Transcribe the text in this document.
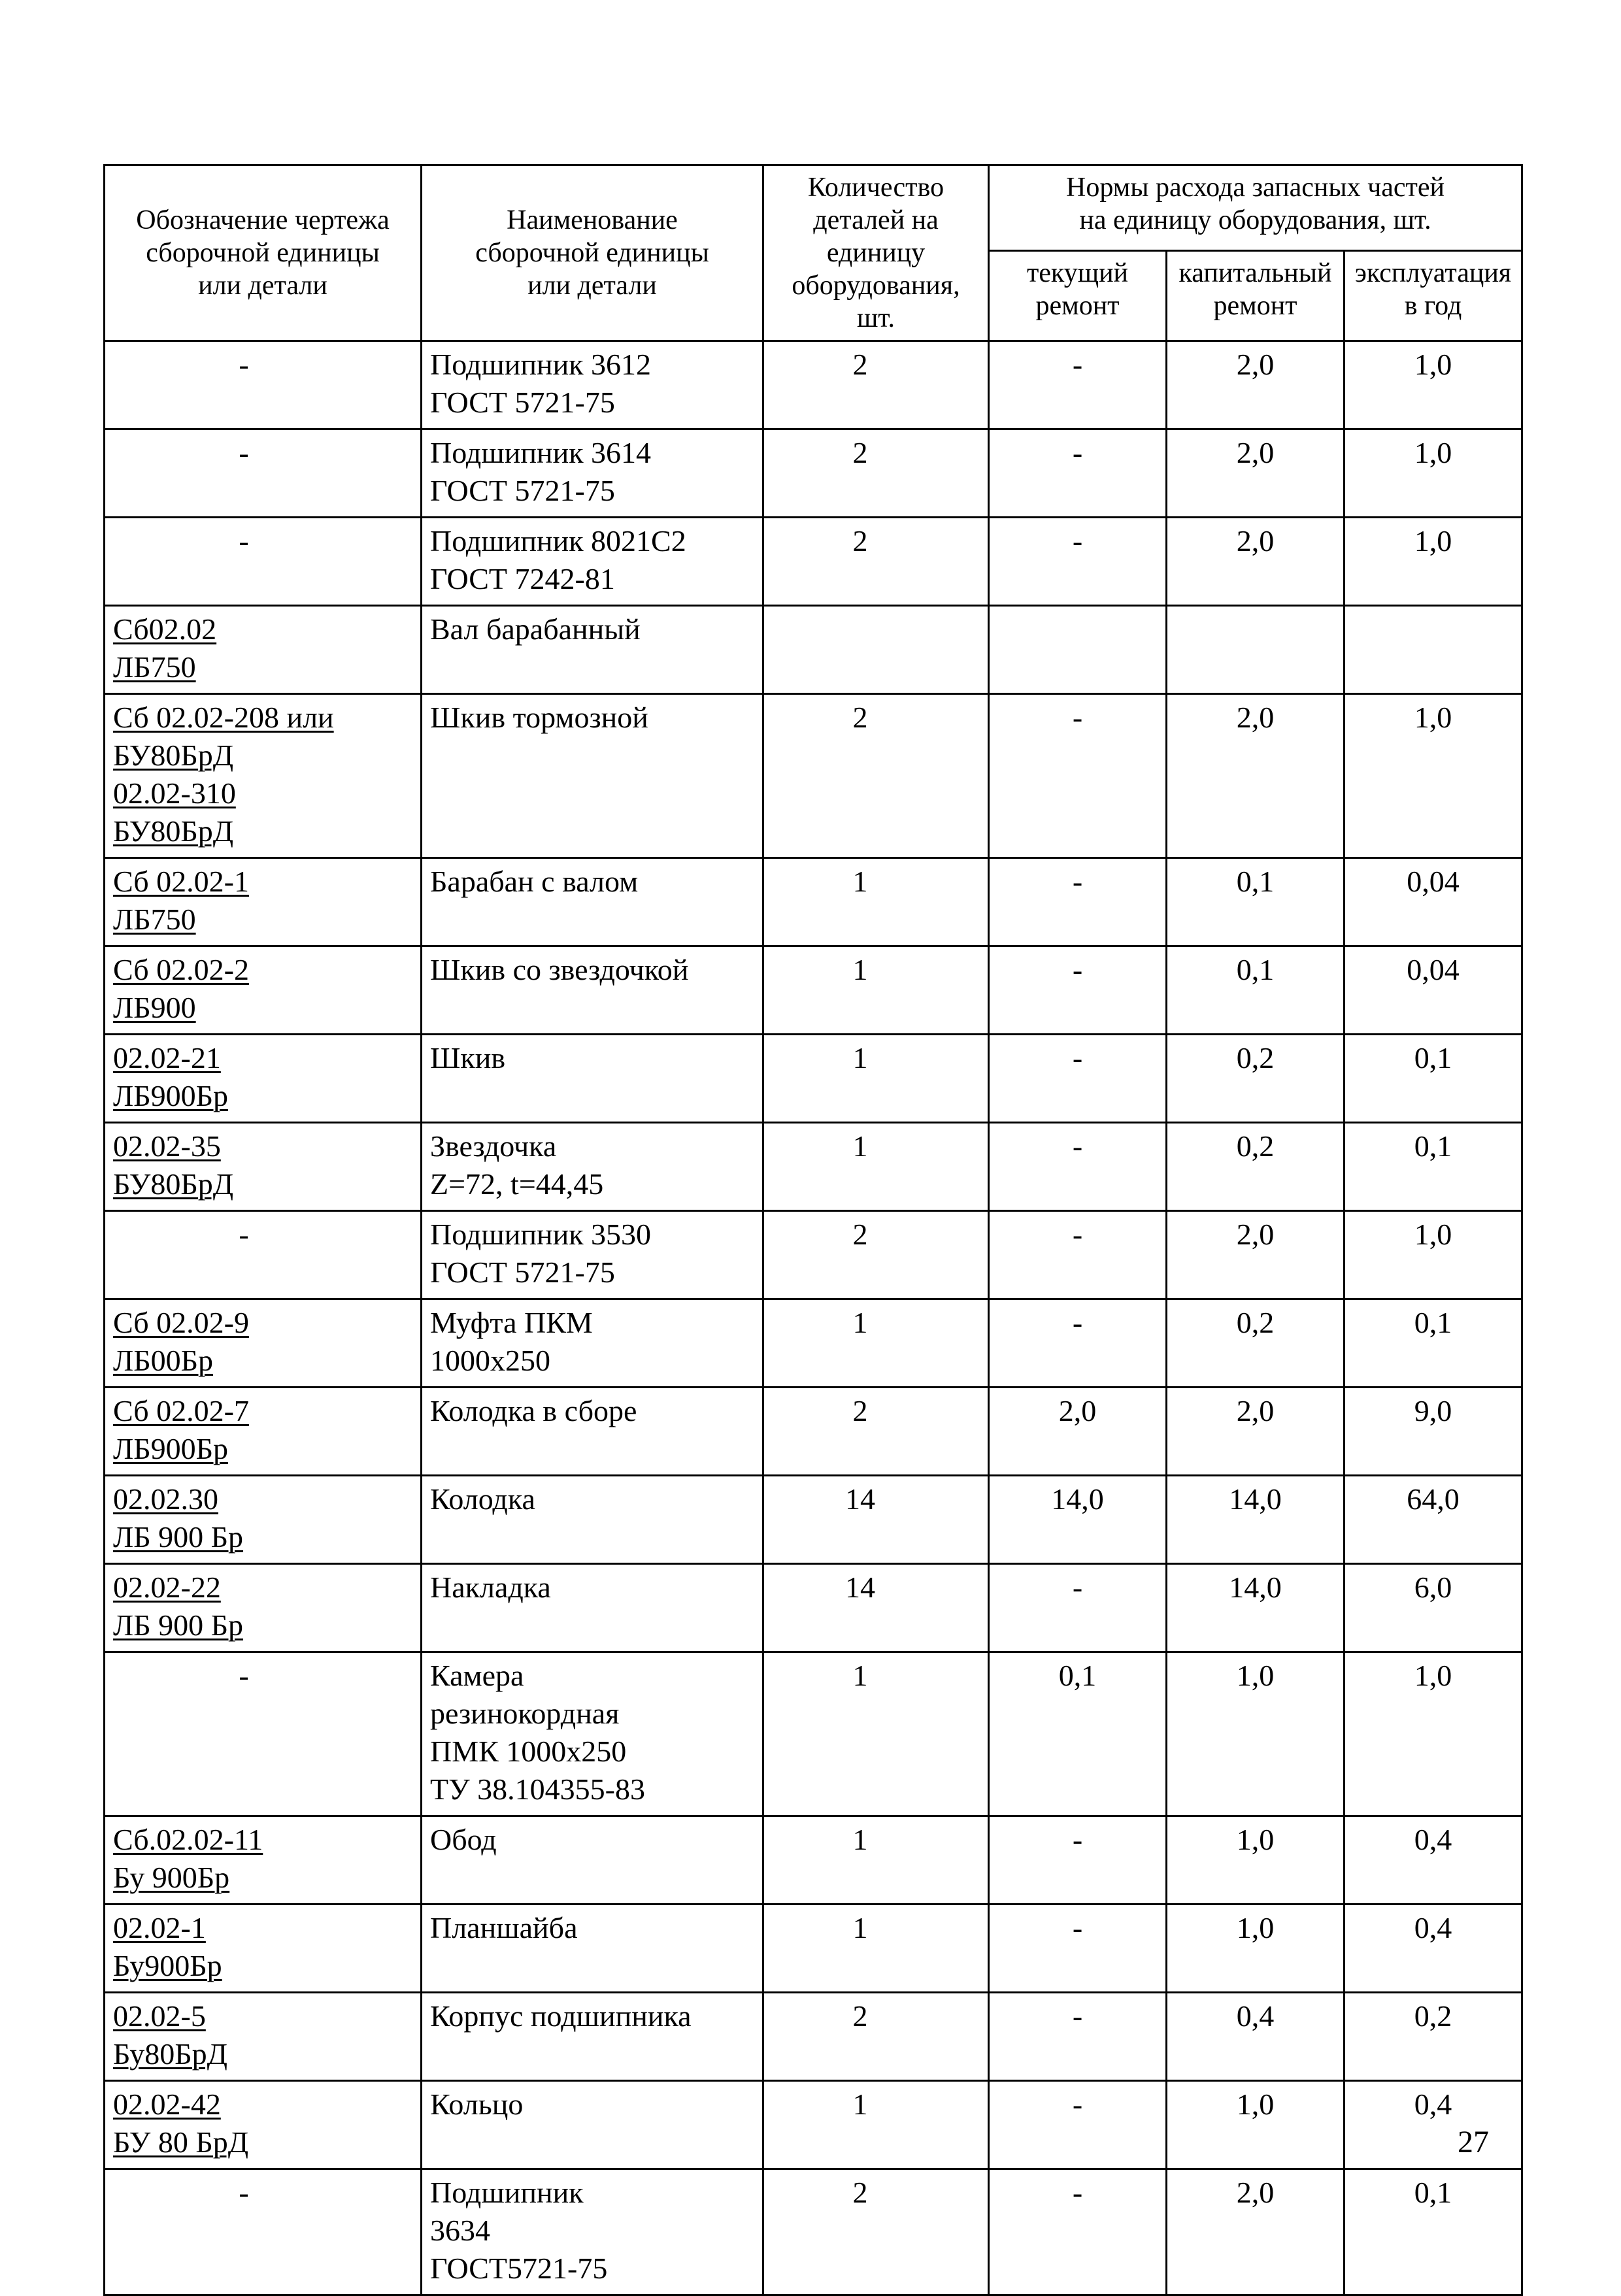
Обозначение чертежа
сборочной единицы
или детали	Наименование
сборочной единицы
или детали	Количество
деталей на
единицу
оборудования,
шт.	Нормы расхода запасных частей
на единицу оборудования, шт.		

			текущий
ремонт	капитальный
ремонт	эксплуатация
в год

-	Подшипник 3612
ГОСТ 5721-75	2	-	2,0	1,0

-	Подшипник 3614
ГОСТ 5721-75	2	-	2,0	1,0

-	Подшипник 8021С2
ГОСТ 7242-81	2	-	2,0	1,0

Сб02.02
ЛБ750	Вал барабанный				

Сб 02.02-208 или
БУ80БрД
02.02-310
БУ80БрД	Шкив тормозной	2	-	2,0	1,0

Сб 02.02-1
ЛБ750	Барабан с валом	1	-	0,1	0,04

Сб 02.02-2
ЛБ900	Шкив со звездочкой	1	-	0,1	0,04

02.02-21
ЛБ900Бр	Шкив	1	-	0,2	0,1

02.02-35
БУ80БрД	Звездочка
Z=72, t=44,45	1	-	0,2	0,1

-	Подшипник 3530
ГОСТ 5721-75	2	-	2,0	1,0

Сб 02.02-9
ЛБ00Бр	Муфта ПКМ
1000х250	1	-	0,2	0,1

Сб 02.02-7
ЛБ900Бр	Колодка в сборе	2	2,0	2,0	9,0

02.02.30
ЛБ 900 Бр	Колодка	14	14,0	14,0	64,0

02.02-22
ЛБ 900 Бр	Накладка	14	-	14,0	6,0

-	Камера
резинокордная
ПМК 1000х250
ТУ 38.104355-83	1	0,1	1,0	1,0

Сб.02.02-11
Бу 900Бр	Обод	1	-	1,0	0,4

02.02-1
Бу900Бр	Планшайба	1	-	1,0	0,4

02.02-5
Бу80БрД	Корпус подшипника	2	-	0,4	0,2

02.02-42
БУ 80 БрД	Кольцо	1	-	1,0	0,4

-	Подшипник
3634
ГОСТ5721-75	2	-	2,0	0,1
27
